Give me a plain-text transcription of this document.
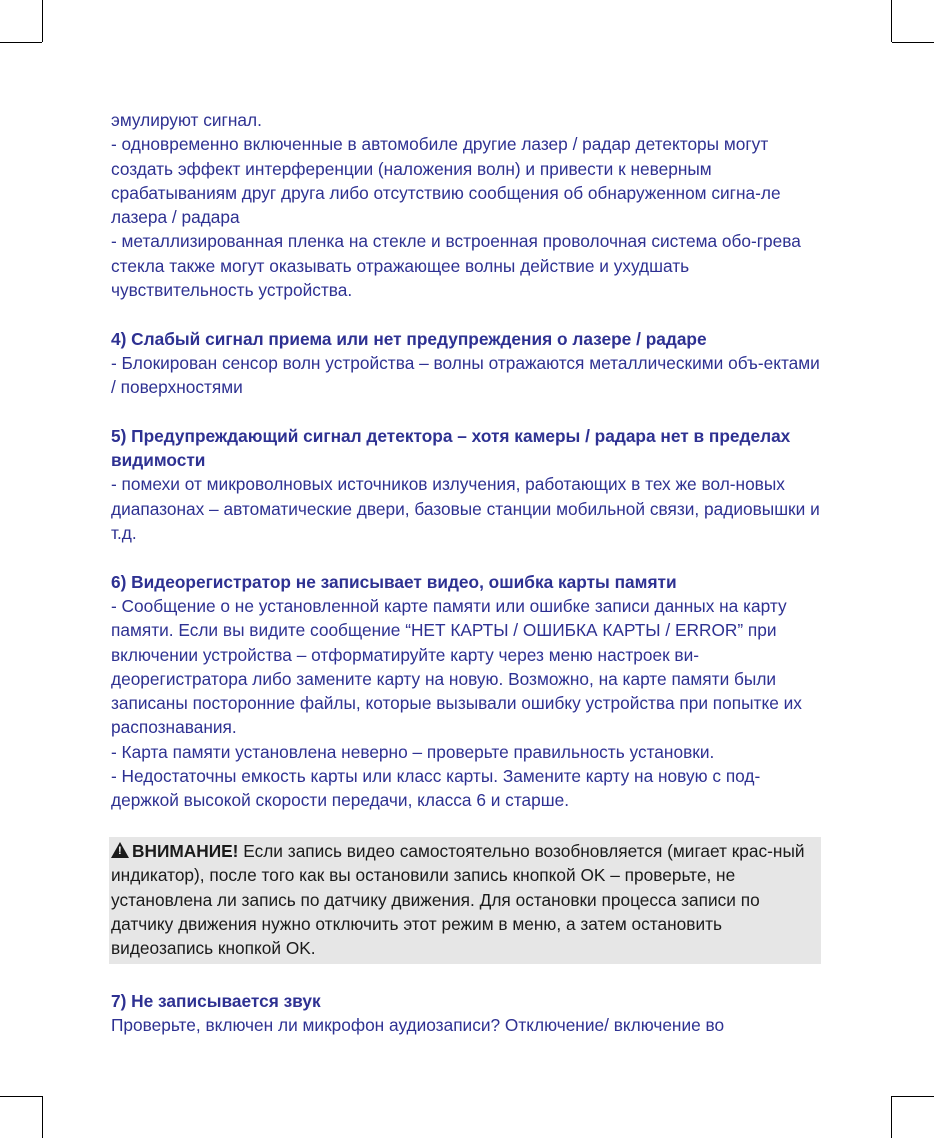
эмулируют сигнал.

- одновременно включенные в автомобиле другие лазер / радар детекторы могут создать эффект интерференции (наложения волн) и привести к неверным срабатываниям друг друга либо отсутствию сообщения об обнаруженном сигна-ле лазера / радара

- металлизированная пленка на стекле и встроенная проволочная система обо-грева стекла также могут оказывать отражающее волны действие и ухудшать чувствительность устройства.

4) Слабый сигнал приема или нет предупреждения о лазере / радаре

- Блокирован сенсор волн устройства – волны отражаются металлическими объ-ектами / поверхностями

5) Предупреждающий сигнал детектора – хотя камеры / радара нет в пределах видимости

- помехи от микроволновых источников излучения, работающих в тех же вол-новых диапазонах – автоматические двери, базовые станции мобильной связи, радиовышки и т.д.

6) Видеорегистратор не записывает видео, ошибка карты памяти

- Сообщение о не установленной карте памяти или ошибке записи данных на карту памяти. Если вы видите сообщение “НЕТ КАРТЫ / ОШИБКА КАРТЫ / ERROR” при включении устройства – отформатируйте карту через меню настроек ви-деорегистратора либо замените карту на новую. Возможно, на карте памяти были записаны посторонние файлы, которые вызывали ошибку устройства при попытке их распознавания.

- Карта памяти установлена неверно – проверьте правильность установки.

- Недостаточны емкость карты или класс карты. Замените карту на новую с под-держкой высокой скорости передачи, класса 6 и старше.

! ВНИМАНИЕ! Если запись видео самостоятельно возобновляется (мигает крас-ный индикатор), после того как вы остановили запись кнопкой OK – проверьте, не установлена ли запись по датчику движения. Для остановки процесса записи по датчику движения нужно отключить этот режим в меню, а затем остановить видеозапись кнопкой OK.

7) Не записывается звук

Проверьте, включен ли микрофон аудиозаписи? Отключение/ включение во
